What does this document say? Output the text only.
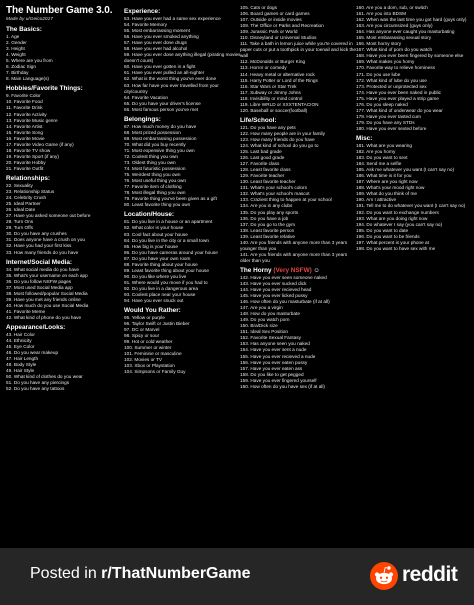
The Number Game 3.0.
Made by u/Geico2017
The Basics:
1. Age
2. Gender
3. Height
4. Weight
5. Where are you from
6. Zodiac Sign
7. Birthday
8. Main Language(s)
Hobbies/Favorite Things:
9. Favorite Color
10. Favorite Food
11. Favorite Drink
12. Favorite Activity
13. Favorite Music genre
14. Favorite Artist
15. Favorite Song
16. Favorite Movie
17. Favorite Video Game (if any)
18. Favorite TV show
19. Favorite Sport (if any)
20. Favorite Hobby
21. Favorite Outfit
Relationships:
22. Sexuality
23. Relationship Status
24. Celebrity Crush
25. Ideal Partner
26. Ideal Date
27. Have you asked someone out before
28. Turn Ons
29. Turn Offs
30. Do you have any crushes
31. Does anyone have a crush on you
32. Have you had your first kiss
33. How many friends do you have
Internet/Social Media:
34. What social media do you have
35. What's your username on each app
36. Do you follow NSFW pages
37. Most used Social Media app
38. Most followed/popular Social Media
39. Have you met any friends online
40. How much do you use Social Media
41. Favorite Meme
42. What kind of phone do you have
Appearance/Looks:
43. Hair Color
44. Ethnicity
45. Eye Color
46. Do you wear makeup
47. Hair Length
48. Body Style
49. Hair Style
50. What kind of clothes do you wear
51. Do you have any piercings
52. Do you have any tattoos
Experience:
53. Have you ever had a same sex experience
54. Favorite Memory
55. Most embarrassing moment
56. Have you ever smoked anything
57. Have you ever done drugs
58. Have you ever had alcohol
59. Have you ever done anything illegal (pirating movies doesn't count)
60. Have you ever gotten in a fight
61. Have you ever pulled an all-nighter
62. What is the worst thing you've ever done
63. How far have you ever travelled from your city/country
64. Favorite Vacation
65. Do you have your driver's license
66. Most famous person you've met
Belongings:
67. How much money do you have
68. Most prized possession
69. Most embarrassing possession
70. What did you buy recently
71. Most expensive thing you own
72. Coolest thing you own
73. Oldest thing you own
74. Most futuristic possession
75. Weirdest thing you own
76. Most useful thing you own
77. Favorite item of clothing
78. Most illegal thing you own
79. Favorite thing you've been given as a gift
80. Least favorite thing you own
Location/House:
81. Do you live in a house or an apartment
82. What color is your house
83. Cool fact about your house
84. Do you live in the city or a small town
85. How big is your house
86. Do you have cameras around your house
87. Do you have your own room
88. Favorite thing about your house
89. Least favorite thing about your house
90. Do you like where you live
91. Where would you move if you had to
92. Do you live in a dangerous area
93. Coolest place near your house
94. Have you ever snuck out
Would You Rather:
95. Yellow or purple
96. Taylor Swift or Justin Bieber
97. DC or Marvel
98. Spicy or sour
99. Hot or cold weather
100. Summer or winter
101. Feminine or masculine
102. Movies or TV
103. Xbox or Playstation
104. Simpsons or Family Guy
105. Cats or dogs
106. Board games or card games
107. Outside or inside movies
108. The Office or Parks and Recreation
109. Jurassic Park or World
110. Disneyland or Universal Studios
111. Take a bath in lemon juice while you're covered in paper cuts or put a toothpick in your toenail and kick the wall
112. McDonalds or Burger King
113. Horror or comedy
114. Heavy metal or alternative rock
115. Harry Potter or Lord of the Rings
116. Star Wars or Star Trek
117. Subway or Jimmy Johns
118. Invisibility or mind control
119. Libre WRLD or XXXTENTACION
120. Baseball or soccer(football)
Life/School:
121. Do you have any pets
122. How many people are in your family
123. How many friends do you have
124. What kind of school do you go to
125. Last bad grade
126. Last good grade
127. Favorite class
128. Least favorite class
129. Favorite teacher
130. Least favorite teacher
131. What's your school's colors
132. What's your school's mascot
133. Craziest thing to happen at your school
134. Are you in any clubs
135. Do you play any sports
136. Do you have a job
137. Do you go to the gym
138. Least favorite person
139. Least favorite relative
140. Are you friends with anyone more than 3 years younger than you
141. Are you friends with anyone more than 3 years older than you
The Horny (Very NSFW) ☺
142. Have you ever seen someone naked
143. Have you ever sucked dick
144. Have you ever recieved head
145. Have you ever licked pussy
146. How often do you masturbate (if at all)
147. Are you a virgin
148. How do you masturbate
149. Do you watch porn
150. Bra/Dick size
151. Ideal Sex Position
152. Favorite Sexual Fantasy
153. Has anyone seen you naked
154. Have you ever sent a nude
155. Have you ever recieved a nude
156. Have you ever eaten pussy
157. Have you ever eaten ass
158. Do you like to get pegged
159. Have you ever fingered yourself
160. How often do you have sex (if at all)
160. Are you a dom, sub, or switch
161. Are you into BDSM
162. When was the last time you got hard (guys only)
163. Are you circumsized (guys only)
164. Has anyone ever caught you masturbating
165. Most embarassing sexual story
166. Most horny story
167. What kind of porn do you watch
168. Have you ever been fingered by someone else
169. What makes you horny
170. Favorite way to relieve horniness
171. Do you use lube
172. What kind of lube do you use
173. Protected or unprotected sex
174. Have you ever been naked in public
175. Have you ever played a strip game
176. Do you sleep naked
177. What kind of underwear do you wear
178. Have you ever tasted cum
179. Do you have any STDs
180. Have you ever sexted before
Misc:
181. What are you wearing
182. Are you horny
183. Do you want to sext
184. Send me a selfie
185. Ask me whatever you want (I can't say no)
186. What time is it for you
187. Where are you right now
188. What's your mood right now
189. What do you think of me
190. Am I attractive
191. Tell me to do whatever you want (I can't say no)
192. Do you want to exchange numbers
193. What are you doing right now
194. Do whatever I say (you can't say no)
195. Do you want to date
196. Do you want to be friends
197. What percent is your phone at
198. Do you want to have sex with me
Posted in r/ThatNumberGame	reddit
